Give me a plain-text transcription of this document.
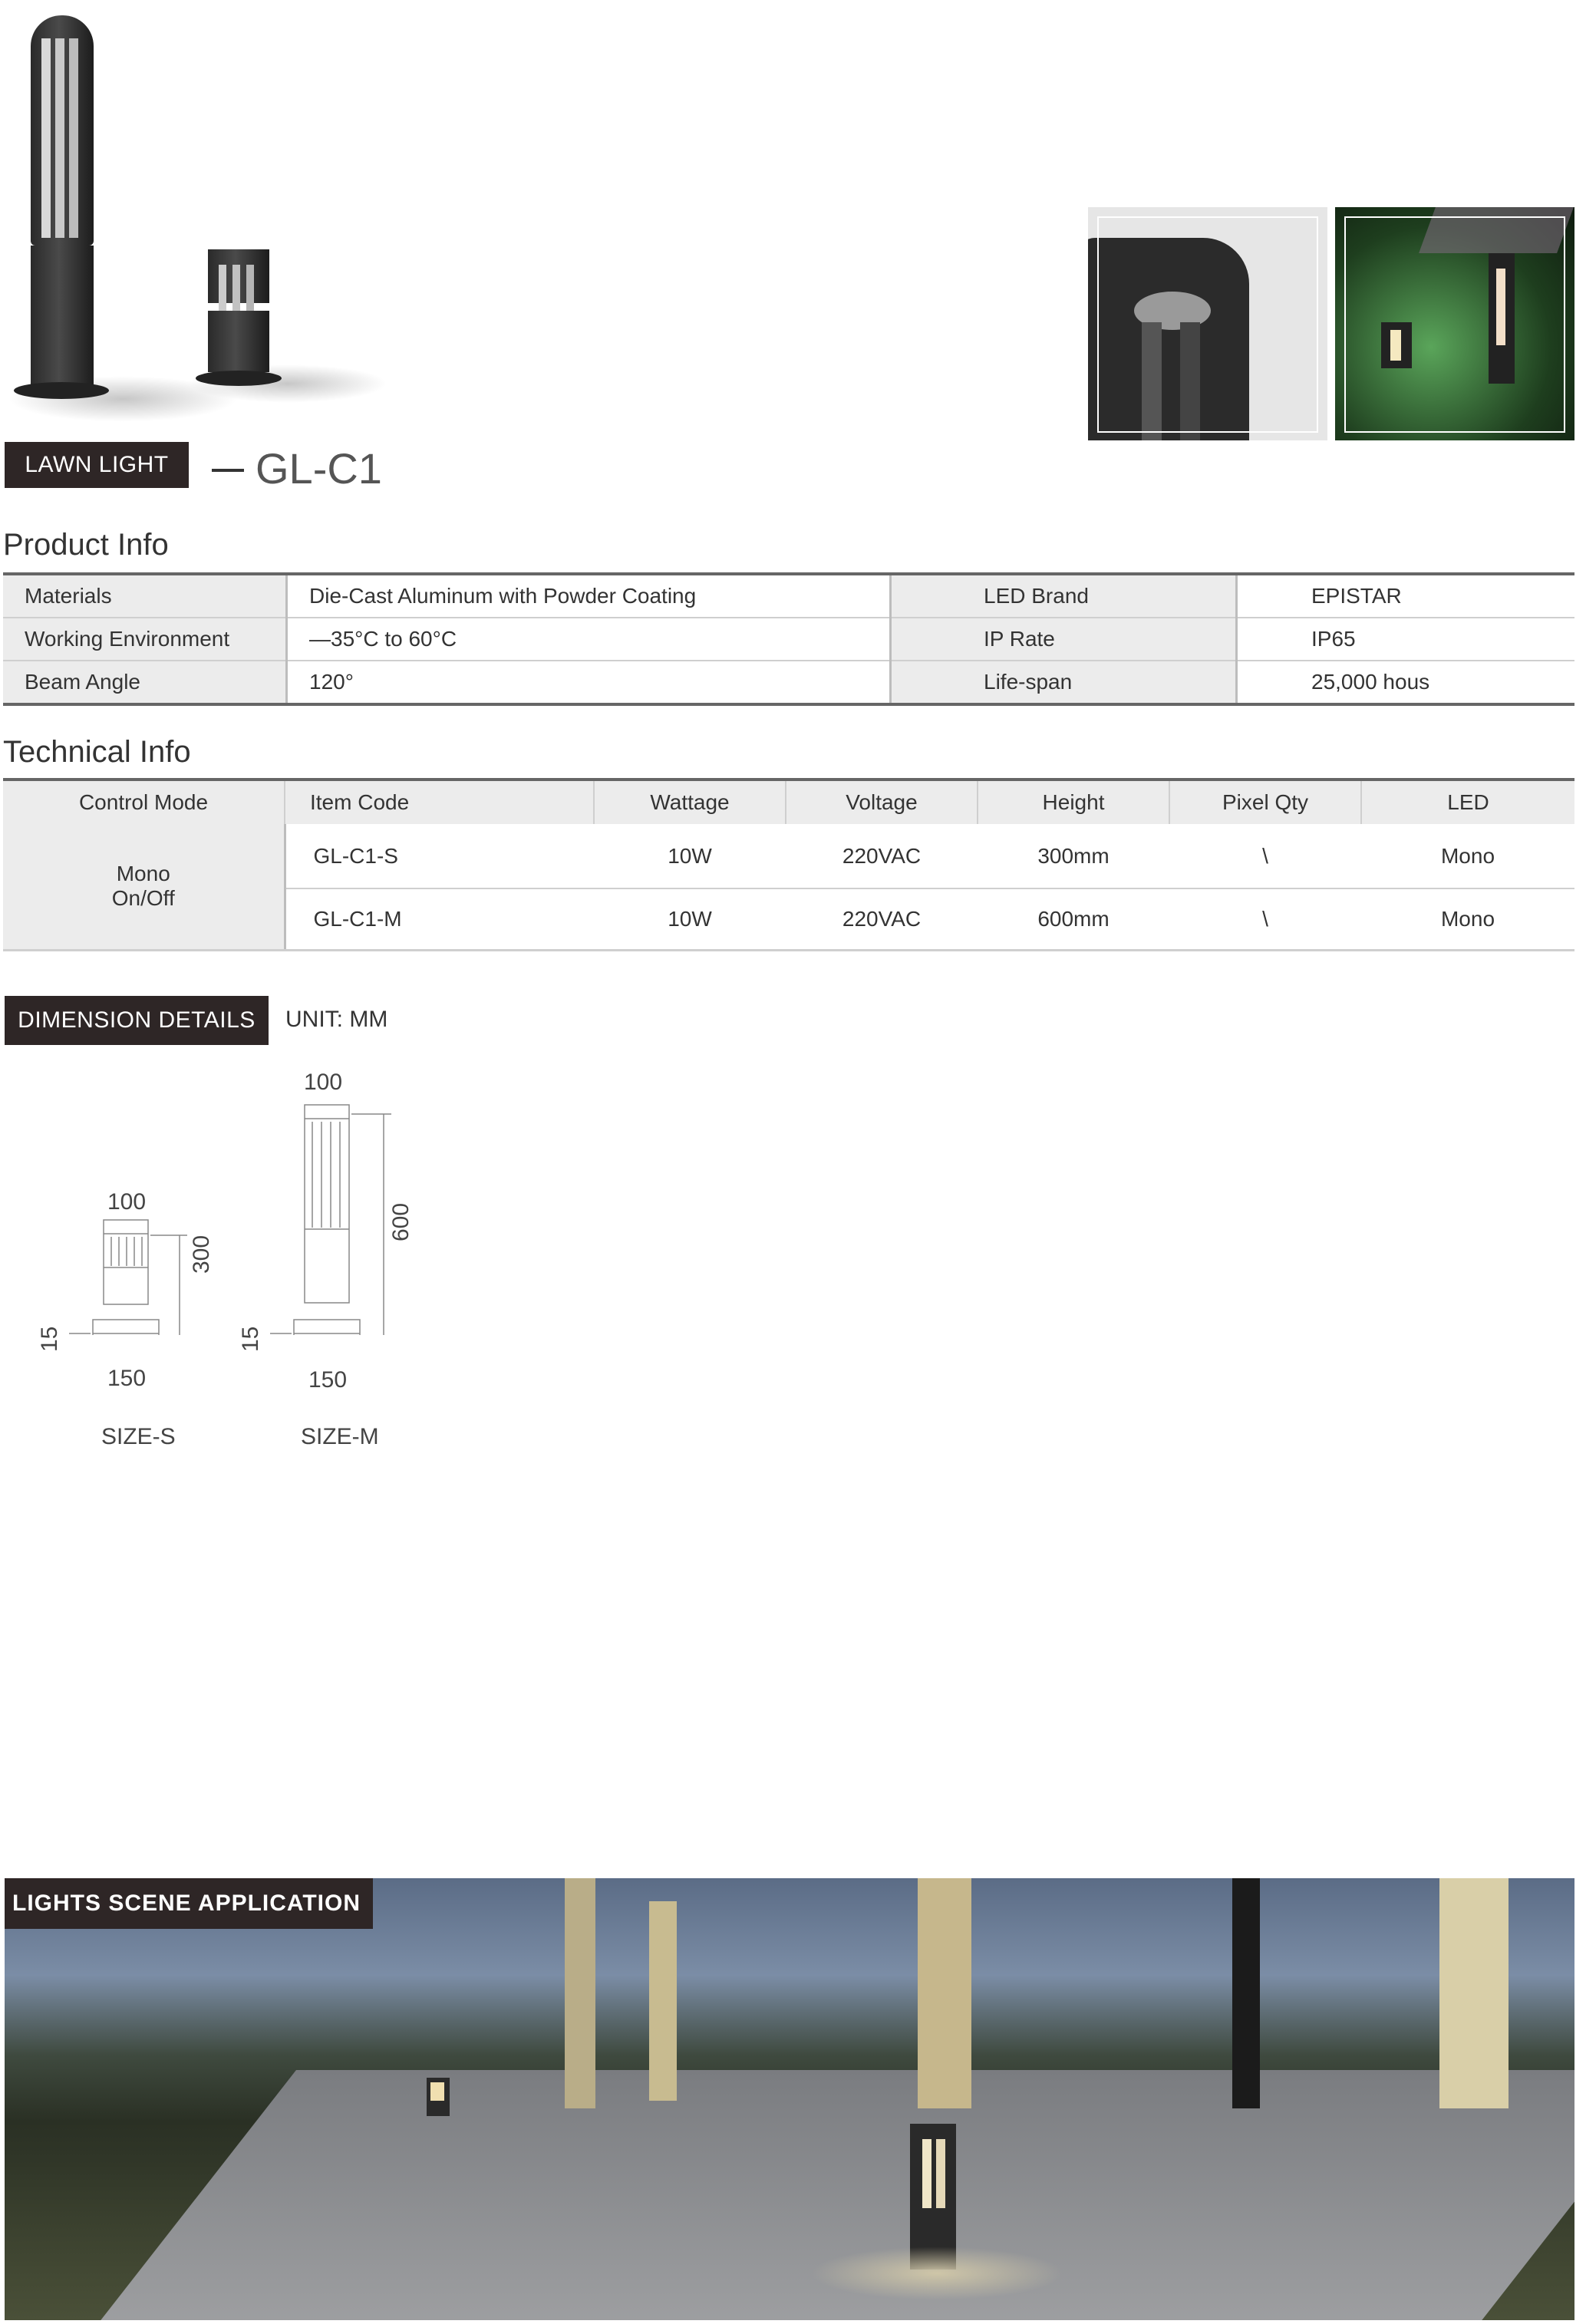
LAWN LIGHT	GL-C1
Product Info
Materials	Die-Cast Aluminum with Powder Coating	LED Brand	EPISTAR
Working Environment	—35°C to 60°C	IP Rate	IP65
Beam Angle	120°	Life-span	25,000 hous
Technical Info
Control Mode	Item Code	Wattage	Voltage	Height	Pixel Qty	LED

Mono
On/Off	GL-C1-S	10W	220VAC	300mm	\	Mono
	GL-C1-M	10W	220VAC	600mm	\	Mono
DIMENSION DETAILS	UNIT: MM
100
300
15
150
SIZE-S
100
600
15
150
SIZE-M
LIGHTS SCENE APPLICATION
